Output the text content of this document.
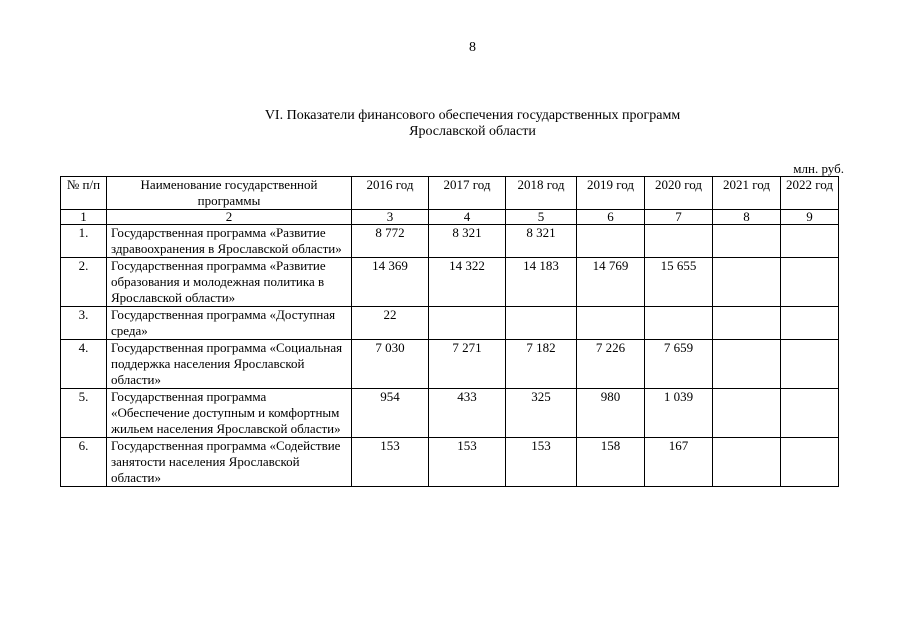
8
VI. Показатели финансового обеспечения государственных программ
Ярославской области
млн. руб.
№ п/п	Наименование государственной программы	2016 год	2017 год	2018 год	2019 год	2020 год	2021 год	2022 год
1	2	3	4	5	6	7	8	9
1.	Государственная программа «Развитие здравоохранения в Ярославской области»	8 772	8 321	8 321				
2.	Государственная программа «Развитие образования и молодежная политика в Ярославской области»	14 369	14 322	14 183	14 769	15 655		
3.	Государственная программа «Доступная среда»	22						
4.	Государственная программа «Социальная поддержка населения Ярославской области»	7 030	7 271	7 182	7 226	7 659		
5.	Государственная программа «Обеспечение доступным и комфортным жильем населения Ярославской области»	954	433	325	980	1 039		
6.	Государственная программа «Содействие занятости населения Ярославской области»	153	153	153	158	167		
